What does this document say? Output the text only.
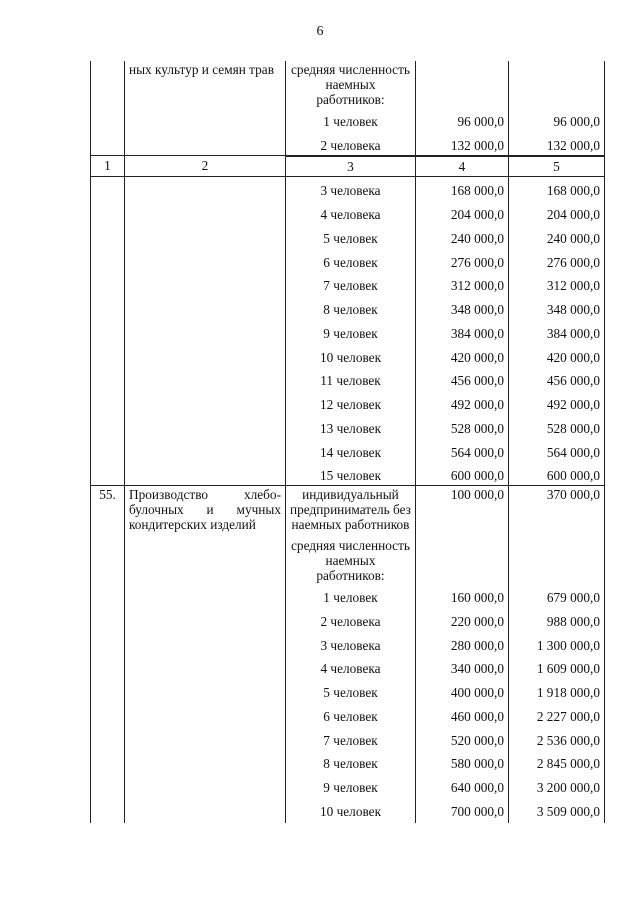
6
	ных культур и семян трав	средняя численность наемных работников:		
		1 человек	96 000,0	96 000,0
		2 человека	132 000,0	132 000,0
1	2	3	4	5
		3 человека	168 000,0	168 000,0
		4 человека	204 000,0	204 000,0
		5 человек	240 000,0	240 000,0
		6 человек	276 000,0	276 000,0
		7 человек	312 000,0	312 000,0
		8 человек	348 000,0	348 000,0
		9 человек	384 000,0	384 000,0
		10 человек	420 000,0	420 000,0
		11 человек	456 000,0	456 000,0
		12 человек	492 000,0	492 000,0
		13 человек	528 000,0	528 000,0
		14 человек	564 000,0	564 000,0
		15 человек	600 000,0	600 000,0
55.	Производство хлебо-булочных и мучных кондитерских изделий	индивидуальный предприниматель без наемных работников	100 000,0	370 000,0
		средняя численность наемных работников:		
		1 человек	160 000,0	679 000,0
		2 человека	220 000,0	988 000,0
		3 человека	280 000,0	1 300 000,0
		4 человека	340 000,0	1 609 000,0
		5 человек	400 000,0	1 918 000,0
		6 человек	460 000,0	2 227 000,0
		7 человек	520 000,0	2 536 000,0
		8 человек	580 000,0	2 845 000,0
		9 человек	640 000,0	3 200 000,0
		10 человек	700 000,0	3 509 000,0
